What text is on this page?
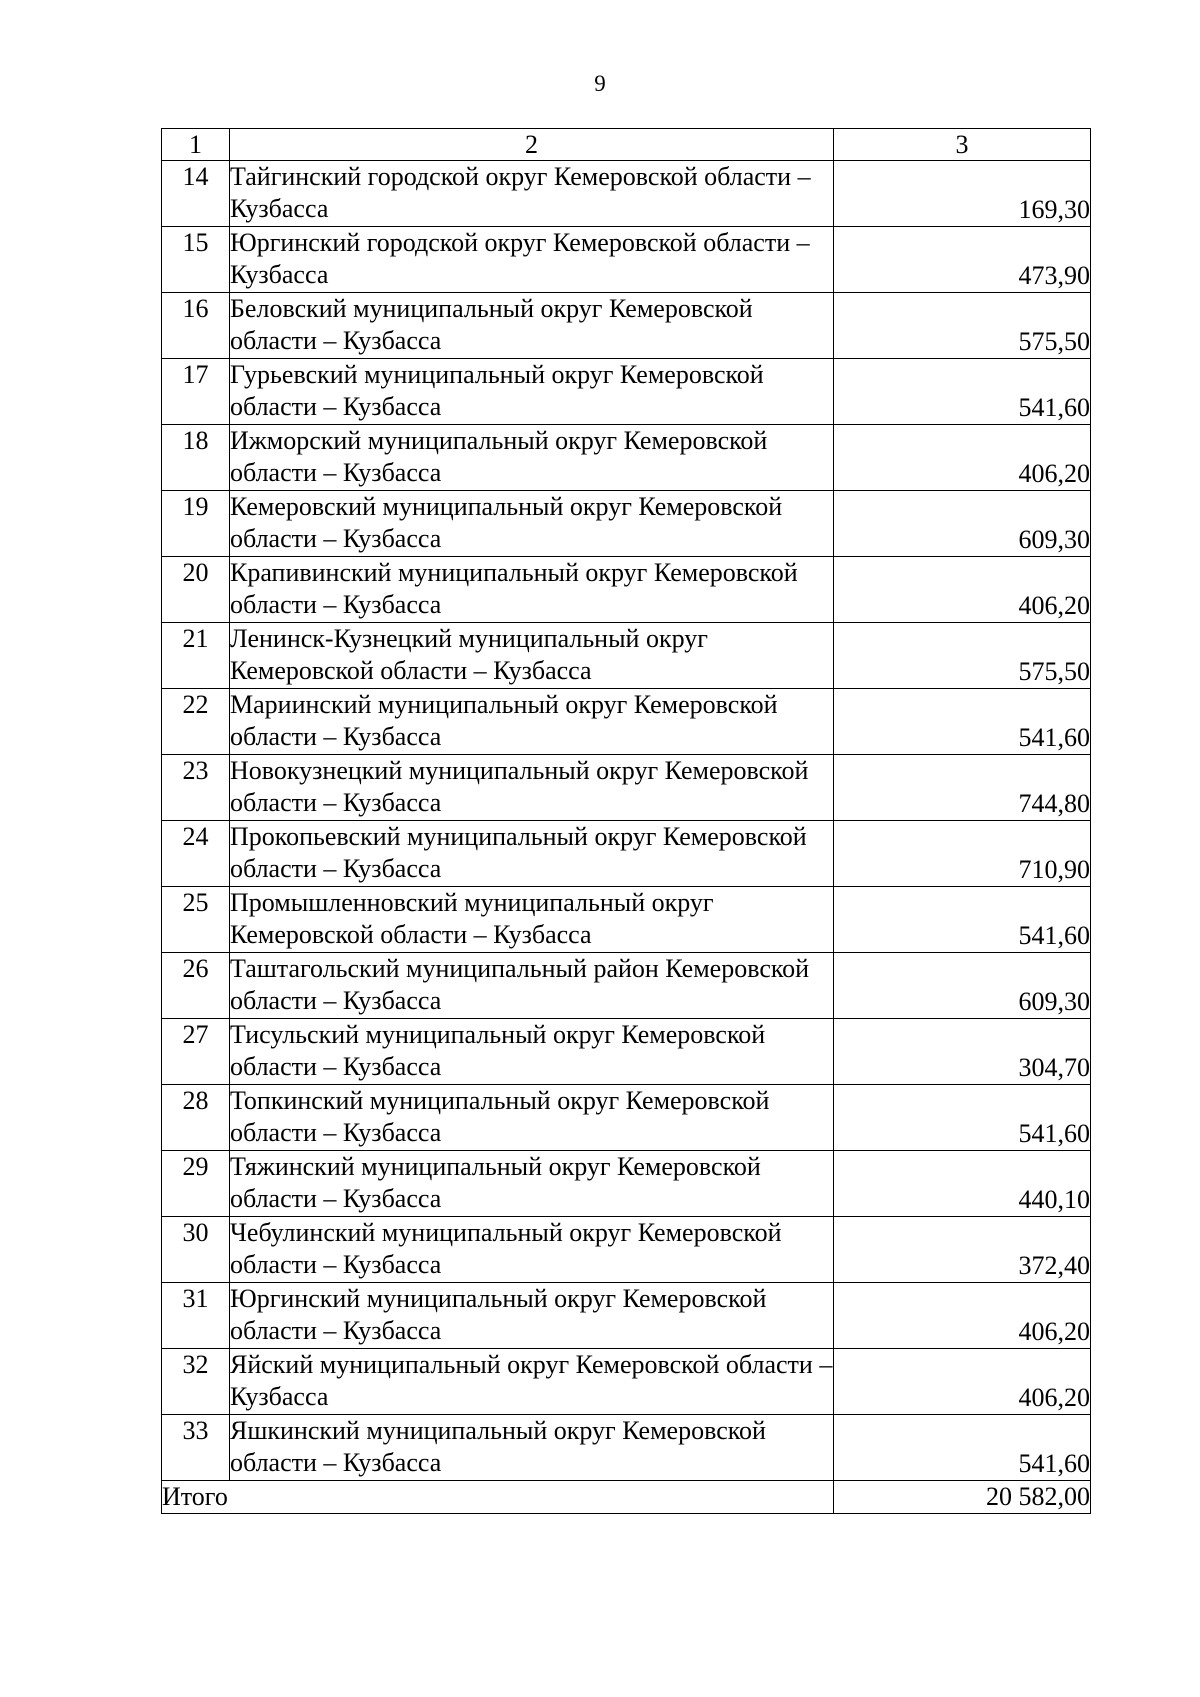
9
1	2	3
14	Тайгинский городской округ Кемеровской области – Кузбасса	169,30
15	Юргинский городской округ Кемеровской области – Кузбасса	473,90
16	Беловский муниципальный округ Кемеровской области – Кузбасса	575,50
17	Гурьевский муниципальный округ Кемеровской области – Кузбасса	541,60
18	Ижморский муниципальный округ Кемеровской области – Кузбасса	406,20
19	Кемеровский муниципальный округ Кемеровской области – Кузбасса	609,30
20	Крапивинский муниципальный округ Кемеровской области – Кузбасса	406,20
21	Ленинск-Кузнецкий муниципальный округ Кемеровской области – Кузбасса	575,50
22	Мариинский муниципальный округ Кемеровской области – Кузбасса	541,60
23	Новокузнецкий муниципальный округ Кемеровской области – Кузбасса	744,80
24	Прокопьевский муниципальный округ Кемеровской области – Кузбасса	710,90
25	Промышленновский муниципальный округ Кемеровской области – Кузбасса	541,60
26	Таштагольский муниципальный район Кемеровской области – Кузбасса	609,30
27	Тисульский муниципальный округ Кемеровской области – Кузбасса	304,70
28	Топкинский муниципальный округ Кемеровской области – Кузбасса	541,60
29	Тяжинский муниципальный округ Кемеровской области – Кузбасса	440,10
30	Чебулинский муниципальный округ Кемеровской области – Кузбасса	372,40
31	Юргинский муниципальный округ Кемеровской области – Кузбасса	406,20
32	Яйский муниципальный округ Кемеровской области – Кузбасса	406,20
33	Яшкинский муниципальный округ Кемеровской области – Кузбасса	541,60
Итого		20 582,00
